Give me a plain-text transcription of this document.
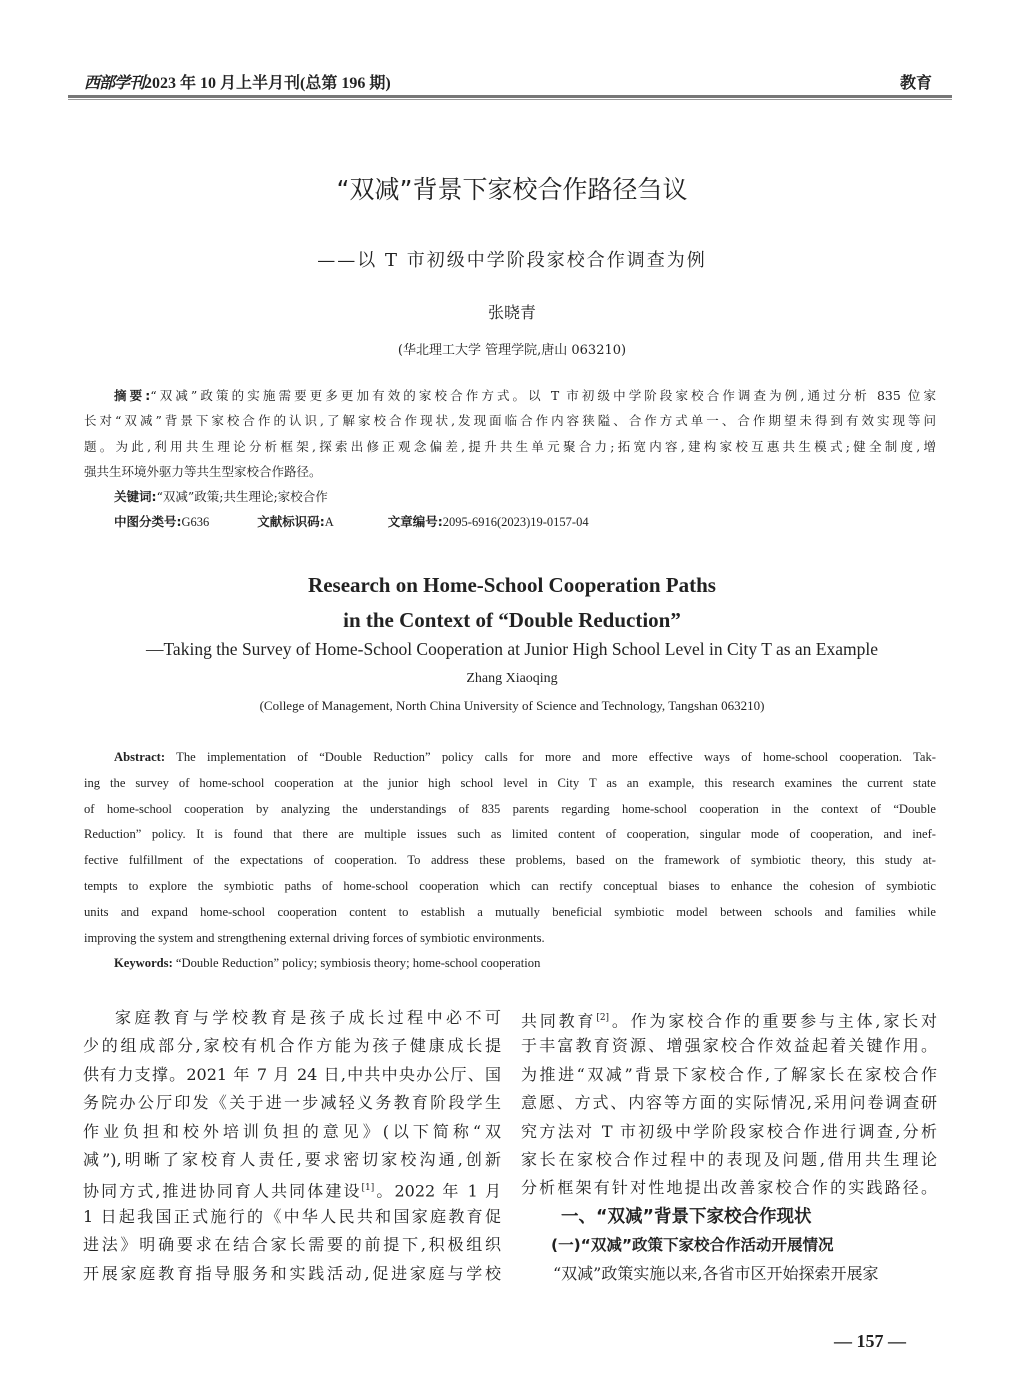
西部学刊2023 年 10 月上半月刊(总第 196 期)	教育
“双减”背景下家校合作路径刍议
——以 T 市初级中学阶段家校合作调查为例
张晓青
(华北理工大学 管理学院,唐山 063210)
摘要:“双减”政策的实施需要更多更加有效的家校合作方式。以 T 市初级中学阶段家校合作调查为例,通过分析 835 位家
长对“双减”背景下家校合作的认识,了解家校合作现状,发现面临合作内容狭隘、合作方式单一、合作期望未得到有效实现等问
题。为此,利用共生理论分析框架,探索出修正观念偏差,提升共生单元聚合力;拓宽内容,建构家校互惠共生模式;健全制度,增
强共生环境外驱力等共生型家校合作路径。
关键词:“双减”政策;共生理论;家校合作
中图分类号:G636	文献标识码:A	文章编号:2095-6916(2023)19-0157-04
Research on Home-School Cooperation Paths
in the Context of “Double Reduction”
—Taking the Survey of Home-School Cooperation at Junior High School Level in City T as an Example
Zhang Xiaoqing
(College of Management, North China University of Science and Technology, Tangshan 063210)
Abstract: The implementation of “Double Reduction” policy calls for more and more effective ways of home-school cooperation. Tak-
ing the survey of home-school cooperation at the junior high school level in City T as an example, this research examines the current state
of home-school cooperation by analyzing the understandings of 835 parents regarding home-school cooperation in the context of “Double
Reduction” policy. It is found that there are multiple issues such as limited content of cooperation, singular mode of cooperation, and inef-
fective fulfillment of the expectations of cooperation. To address these problems, based on the framework of symbiotic theory, this study at-
tempts to explore the symbiotic paths of home-school cooperation which can rectify conceptual biases to enhance the cohesion of symbiotic
units and expand home-school cooperation content to establish a mutually beneficial symbiotic model between schools and families while
improving the system and strengthening external driving forces of symbiotic environments.
Keywords: “Double Reduction” policy; symbiosis theory; home-school cooperation
家庭教育与学校教育是孩子成长过程中必不可
少的组成部分,家校有机合作方能为孩子健康成长提
供有力支撑。2021 年 7 月 24 日,中共中央办公厅、国
务院办公厅印发《关于进一步减轻义务教育阶段学生
作业负担和校外培训负担的意见》(以下简称“双
减”),明晰了家校育人责任,要求密切家校沟通,创新
协同方式,推进协同育人共同体建设[1]。2022 年 1 月
1 日起我国正式施行的《中华人民共和国家庭教育促
进法》明确要求在结合家长需要的前提下,积极组织
开展家庭教育指导服务和实践活动,促进家庭与学校
共同教育[2]。作为家校合作的重要参与主体,家长对
于丰富教育资源、增强家校合作效益起着关键作用。
为推进“双减”背景下家校合作,了解家长在家校合作
意愿、方式、内容等方面的实际情况,采用问卷调查研
究方法对 T 市初级中学阶段家校合作进行调查,分析
家长在家校合作过程中的表现及问题,借用共生理论
分析框架有针对性地提出改善家校合作的实践路径。
一、“双减”背景下家校合作现状
(一)“双减”政策下家校合作活动开展情况
“双减”政策实施以来,各省市区开始探索开展家
— 157 —
